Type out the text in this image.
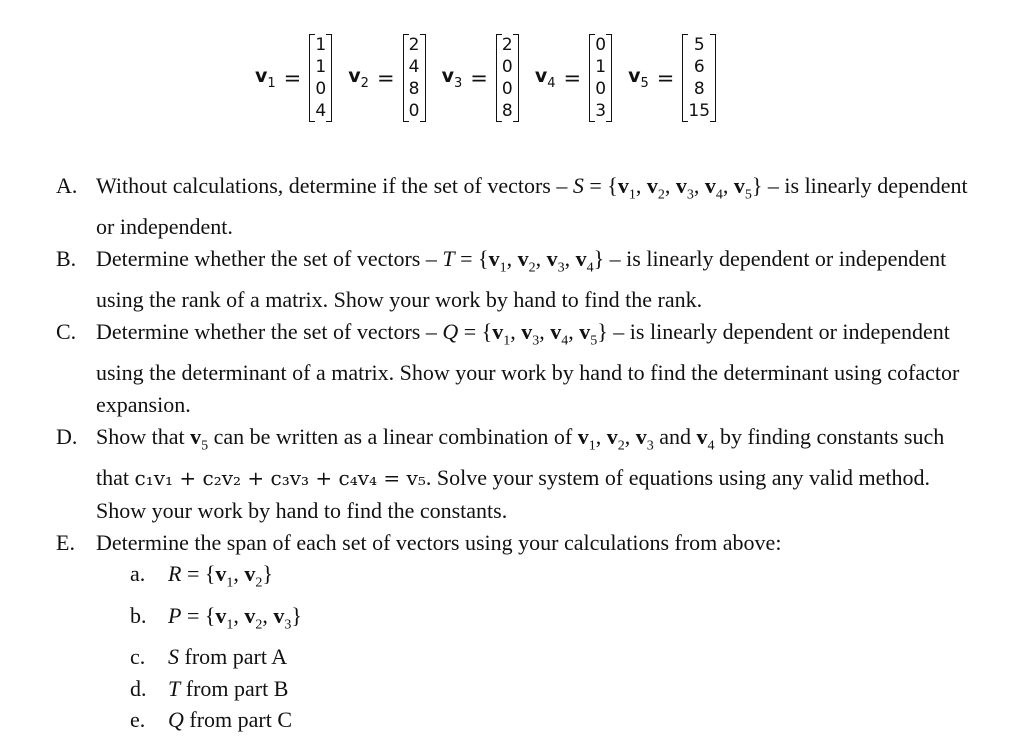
$v_1$ =
1
1
0
4
$v_2$ =
2
4
8
0
$v_3$ =
2
0
0
8
$v_4$ =
0
1
0
3
$v_5$ =
5
6
8
15
A. Without calculations, determine if the set of vectors – $S = \{v_1$, $v_2$, $v_3$, $v_4$, $v_5$} – is linearly dependent or independent.
B. Determine whether the set of vectors – $T = \{v_1$, $v_2$, $v_3$, $v_4$} – is linearly dependent or independent using the rank of a matrix. Show your work by hand to find the rank.
C. Determine whether the set of vectors – $Q = \{v_1$, $v_3$, $v_4$, $v_5$} – is linearly dependent or independent using the determinant of a matrix. Show your work by hand to find the determinant using cofactor expansion.
D. Show that $v_5$ can be written as a linear combination of $v_1$, $v_2$, $v_3$ and $v_4$ by finding constants such that c₁v₁ + c₂v₂ + c₃v₃ + c₄v₄ = v₅. Solve your system of equations using any valid method. Show your work by hand to find the constants.
E. Determine the span of each set of vectors using your calculations from above:
a.	$R = \{v_1$, $v_2$}
b. $P = \{v_1$, $v_2$, $v_3$}
c.	S from part A
d. T from part B
e.	Q from part C
